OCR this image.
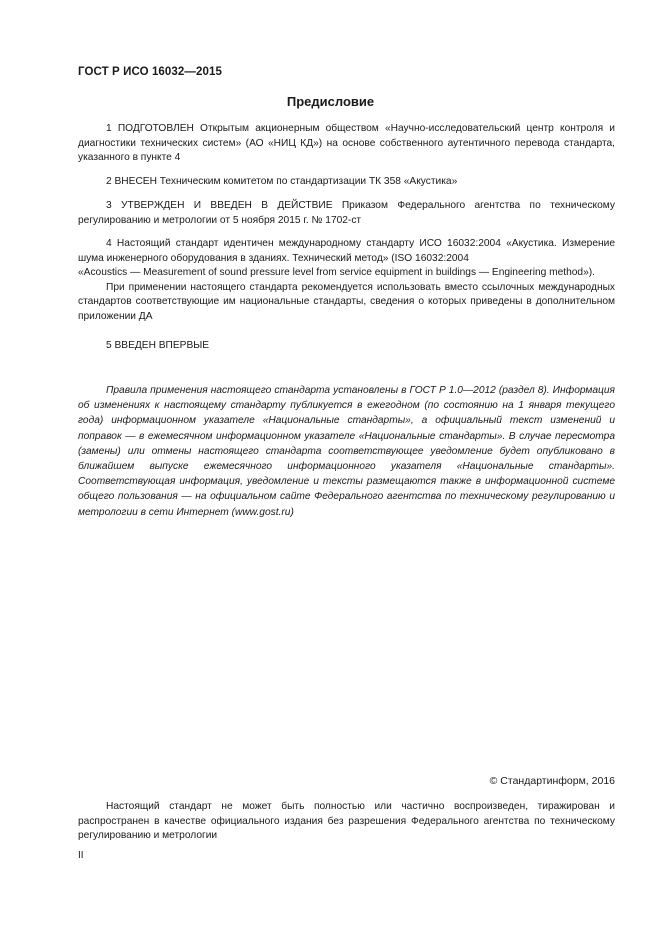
ГОСТ Р ИСО 16032—2015
Предисловие

1 ПОДГОТОВЛЕН Открытым акционерным обществом «Научно-исследовательский центр контроля и диагностики технических систем» (АО «НИЦ КД») на основе собственного аутентичного перевода стандарта, указанного в пункте 4

2 ВНЕСЕН Техническим комитетом по стандартизации ТК 358 «Акустика»

3 УТВЕРЖДЕН И ВВЕДЕН В ДЕЙСТВИЕ Приказом Федерального агентства по техническому регулированию и метрологии от 5 ноября 2015 г. № 1702-ст

4 Настоящий стандарт идентичен международному стандарту ИСО 16032:2004 «Акустика. Измерение шума инженерного оборудования в зданиях. Технический метод» (ISO 16032:2004

«Acoustics — Measurement of sound pressure level from service equipment in buildings — Engineering method»).

При применении настоящего стандарта рекомендуется использовать вместо ссылочных международных стандартов соответствующие им национальные стандарты, сведения о которых приведены в дополнительном приложении ДА

5 ВВЕДЕН ВПЕРВЫЕ

Правила применения настоящего стандарта установлены в ГОСТ Р 1.0—2012 (раздел 8). Информация об изменениях к настоящему стандарту публикуется в ежегодном (по состоянию на 1 января текущего года) информационном указателе «Национальные стандарты», а официальный текст изменений и поправок — в ежемесячном информационном указателе «Национальные стандарты». В случае пересмотра (замены) или отмены настоящего стандарта соответствующее уведомление будет опубликовано в ближайшем выпуске ежемесячного информационного указателя «Национальные стандарты». Соответствующая информация, уведомление и тексты размещаются также в информационной системе общего пользования — на официальном сайте Федерального агентства по техническому регулированию и метрологии в сети Интернет (www.gost.ru)

© Стандартинформ, 2016

Настоящий стандарт не может быть полностью или частично воспроизведен, тиражирован и распространен в качестве официального издания без разрешения Федерального агентства по техническому регулированию и метрологии

II
